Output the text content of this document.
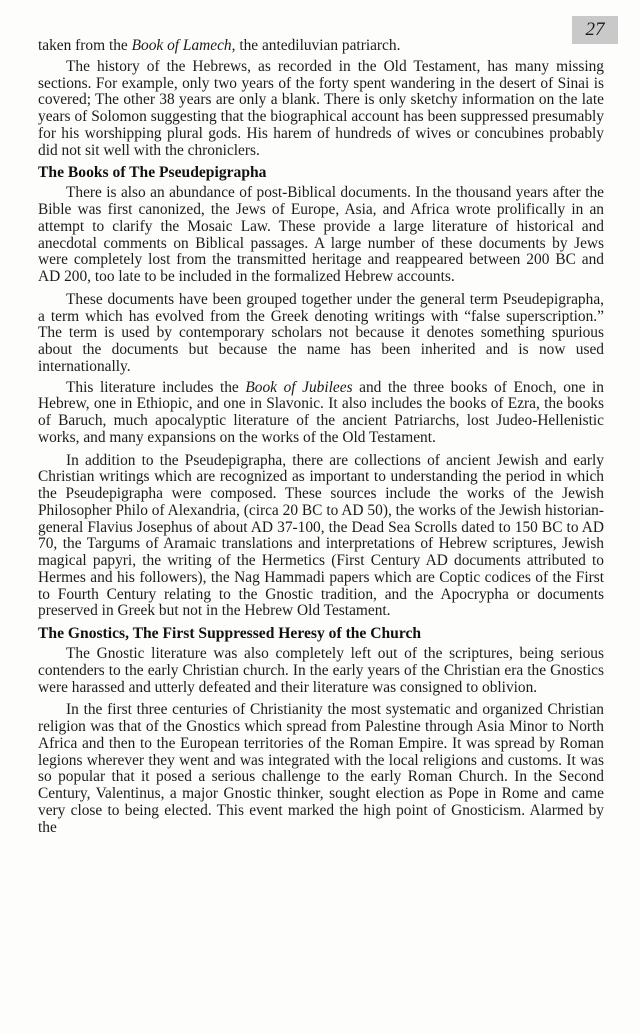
27

taken from the Book of Lamech, the antediluvian patriarch.

The history of the Hebrews, as recorded in the Old Testament, has many missing sections. For example, only two years of the forty spent wandering in the desert of Sinai is covered; The other 38 years are only a blank. There is only sketchy information on the late years of Solomon suggesting that the biographical account has been suppressed presumably for his worshipping plural gods. His harem of hundreds of wives or concubines probably did not sit well with the chroniclers.

The Books of The Pseudepigrapha

There is also an abundance of post-Biblical documents. In the thousand years after the Bible was first canonized, the Jews of Europe, Asia, and Africa wrote prolifically in an attempt to clarify the Mosaic Law. These provide a large literature of historical and anecdotal comments on Biblical passages. A large number of these documents by Jews were completely lost from the transmitted heritage and reappeared between 200 BC and AD 200, too late to be included in the formalized Hebrew accounts.

These documents have been grouped together under the general term Pseudepigrapha, a term which has evolved from the Greek denoting writings with “false superscription.” The term is used by contemporary scholars not because it denotes something spurious about the documents but because the name has been inherited and is now used internationally.

This literature includes the Book of Jubilees and the three books of Enoch, one in Hebrew, one in Ethiopic, and one in Slavonic. It also includes the books of Ezra, the books of Baruch, much apocalyptic literature of the ancient Patriarchs, lost Judeo-Hellenistic works, and many expansions on the works of the Old Testament.

In addition to the Pseudepigrapha, there are collections of ancient Jewish and early Christian writings which are recognized as important to understanding the period in which the Pseudepigrapha were composed. These sources include the works of the Jewish Philosopher Philo of Alexandria, (circa 20 BC to AD 50), the works of the Jewish historian-general Flavius Josephus of about AD 37-100, the Dead Sea Scrolls dated to 150 BC to AD 70, the Targums of Aramaic translations and interpretations of Hebrew scriptures, Jewish magical papyri, the writing of the Hermetics (First Century AD documents attributed to Hermes and his followers), the Nag Hammadi papers which are Coptic codices of the First to Fourth Century relating to the Gnostic tradition, and the Apocrypha or documents preserved in Greek but not in the Hebrew Old Testament.

The Gnostics, The First Suppressed Heresy of the Church

The Gnostic literature was also completely left out of the scriptures, being serious contenders to the early Christian church. In the early years of the Christian era the Gnostics were harassed and utterly defeated and their literature was consigned to oblivion.

In the first three centuries of Christianity the most systematic and organized Christian religion was that of the Gnostics which spread from Palestine through Asia Minor to North Africa and then to the European territories of the Roman Empire. It was spread by Roman legions wherever they went and was integrated with the local religions and customs. It was so popular that it posed a serious challenge to the early Roman Church. In the Second Century, Valentinus, a major Gnostic thinker, sought election as Pope in Rome and came very close to being elected. This event marked the high point of Gnosticism. Alarmed by the
